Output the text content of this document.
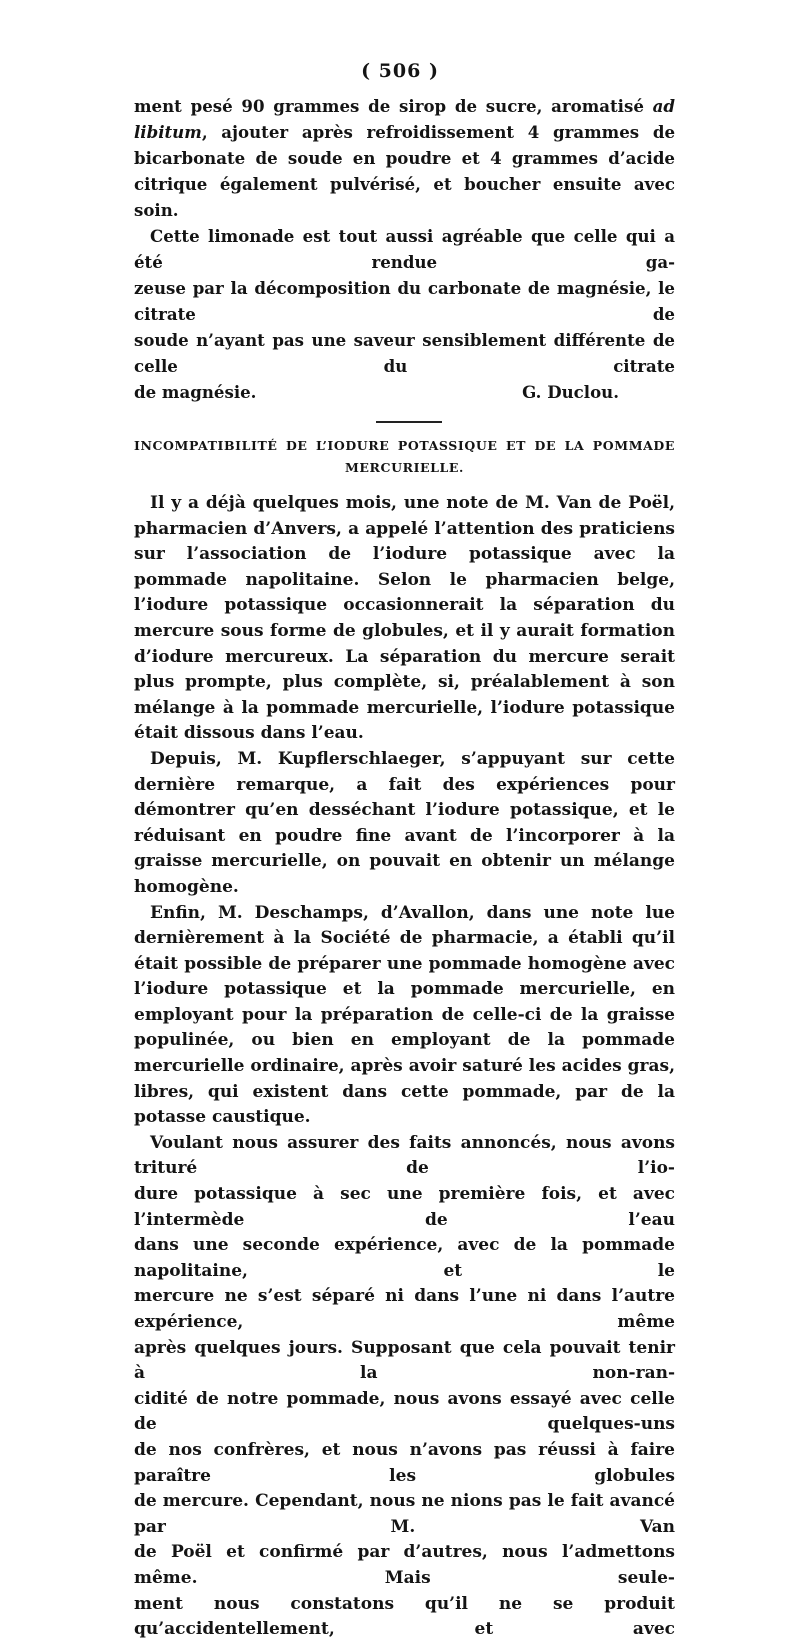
( 506 )

ment pesé 90 grammes de sirop de sucre, aromatisé ad libitum, ajouter après refroidissement 4 grammes de bicarbonate de soude en poudre et 4 grammes d’acide citrique également pulvérisé, et boucher ensuite avec soin.

Cette limonade est tout aussi agréable que celle qui a été rendue ga-

zeuse par la décomposition du carbonate de magnésie, le citrate de

soude n’ayant pas une saveur sensiblement différente de celle du citrate

de magnésie.	G. Duclou.
INCOMPATIBILITÉ DE L’IODURE POTASSIQUE ET DE LA POMMADE
MERCURIELLE.

Il y a déjà quelques mois, une note de M. Van de Poël, pharmacien d’Anvers, a appelé l’attention des praticiens sur l’association de l’iodure potassique avec la pommade napolitaine. Selon le pharmacien belge, l’iodure potassique occasionnerait la séparation du mercure sous forme de globules, et il y aurait formation d’iodure mercureux. La séparation du mercure serait plus prompte, plus complète, si, préalablement à son mélange à la pommade mercurielle, l’iodure potassique était dissous dans l’eau.

Depuis, M. Kupflerschlaeger, s’appuyant sur cette dernière remarque, a fait des expériences pour démontrer qu’en desséchant l’iodure potassique, et le réduisant en poudre fine avant de l’incorporer à la graisse mercurielle, on pouvait en obtenir un mélange homogène.

Enfin, M. Deschamps, d’Avallon, dans une note lue dernièrement à la Société de pharmacie, a établi qu’il était possible de préparer une pommade homogène avec l’iodure potassique et la pommade mercurielle, en employant pour la préparation de celle-ci de la graisse populinée, ou bien en employant de la pommade mercurielle ordinaire, après avoir saturé les acides gras, libres, qui existent dans cette pommade, par de la potasse caustique.

Voulant nous assurer des faits annoncés, nous avons trituré de l’io-

dure potassique à sec une première fois, et avec l’intermède de l’eau

dans une seconde expérience, avec de la pommade napolitaine, et le

mercure ne s’est séparé ni dans l’une ni dans l’autre expérience, même

après quelques jours. Supposant que cela pouvait tenir à la non-ran-

cidité de notre pommade, nous avons essayé avec celle de quelques-uns

de nos confrères, et nous n’avons pas réussi à faire paraître les globules

de mercure. Cependant, nous ne nions pas le fait avancé par M. Van

de Poël et confirmé par d’autres, nous l’admettons même. Mais seule-

ment nous constatons qu’il ne se produit qu’accidentellement, et avec
